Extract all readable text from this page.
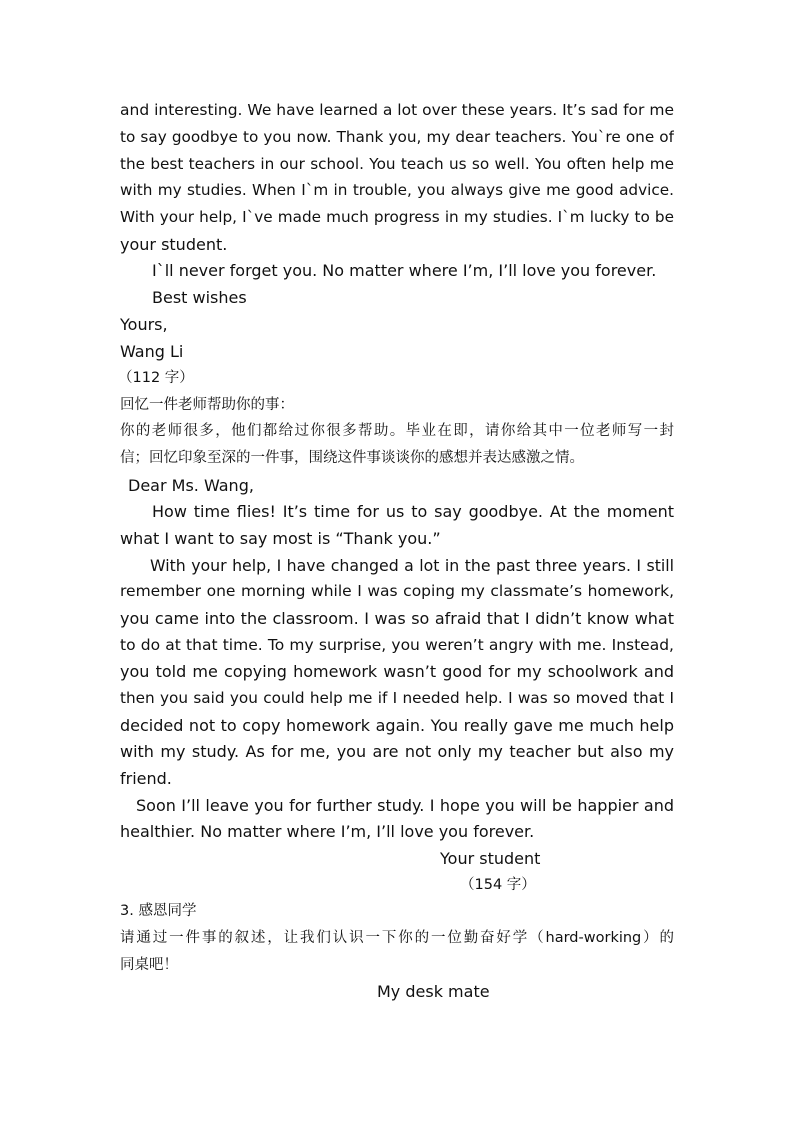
and interesting. We have learned a lot over these years. It’s sad for me
to say goodbye to you now. Thank you, my dear teachers. You`re one of
the best teachers in our school. You teach us so well. You often help me
with my studies. When I`m in trouble, you always give me good advice.
With your help, I`ve made much progress in my studies. I`m lucky to be
your student.
I`ll never forget you. No matter where I’m, I’ll love you forever.
Best wishes
Yours,
Wang Li
（112 字）
回忆一件老师帮助你的事：
你的老师很多，他们都给过你很多帮助。毕业在即，请你给其中一位老师写一封
信；回忆印象至深的一件事，围绕这件事谈谈你的感想并表达感激之情。
Dear Ms. Wang,
How time flies! It’s time for us to say goodbye. At the moment
what I want to say most is “Thank you.”
With your help, I have changed a lot in the past three years. I still
remember one morning while I was coping my classmate’s homework,
you came into the classroom. I was so afraid that I didn’t know what
to do at that time. To my surprise, you weren’t angry with me. Instead,
you told me copying homework wasn’t good for my schoolwork and
then you said you could help me if I needed help. I was so moved that I
decided not to copy homework again. You really gave me much help
with my study. As for me, you are not only my teacher but also my
friend.
Soon I’ll leave you for further study. I hope you will be happier and
healthier. No matter where I’m, I’ll love you forever.
Your student
（154 字）
3. 感恩同学
请通过一件事的叙述，让我们认识一下你的一位勤奋好学（hard-working）的
同桌吧！
My desk mate
